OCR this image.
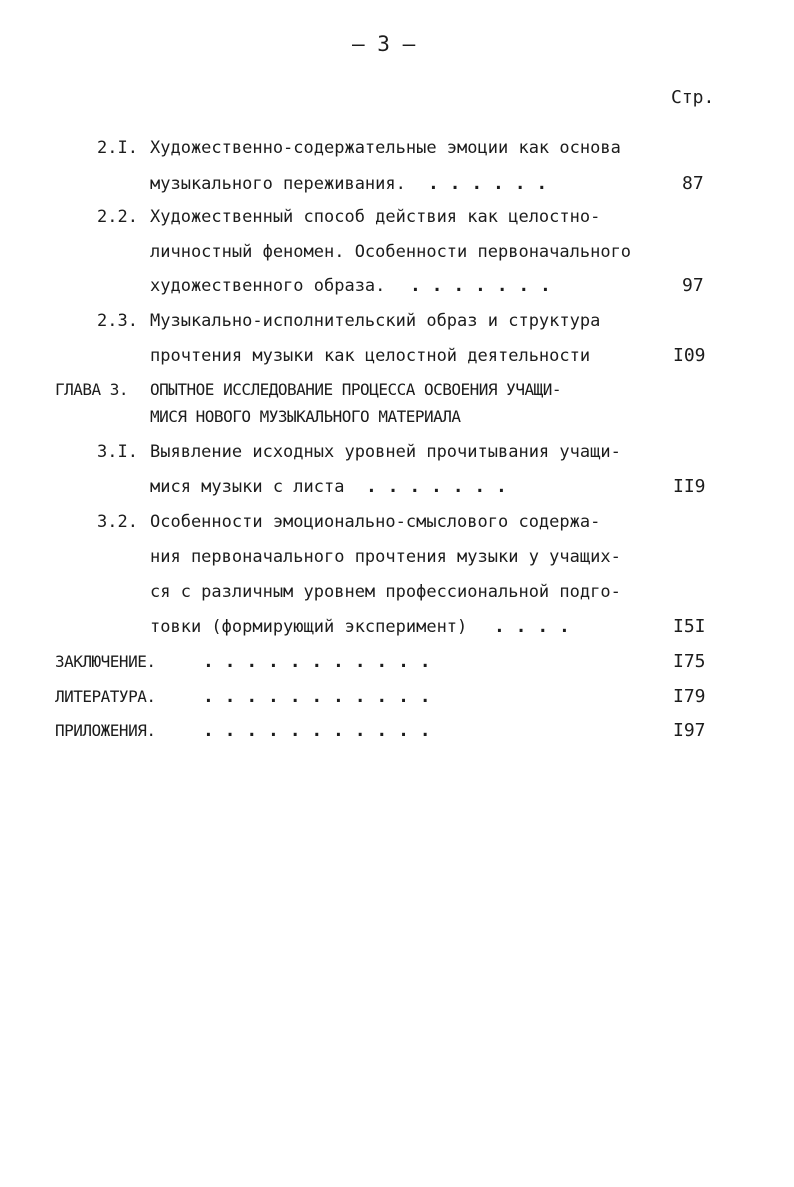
– 3 –
Стр.
2.I. Художественно-содержательные эмоции как основа
музыкального переживания. . . . . . .	87
2.2. Художественный способ действия как целостно-
личностный феномен. Особенности первоначального
художественного образа. . . . . . . .	97
2.3. Музыкально-исполнительский образ и структура
прочтения музыки как целостной деятельности	I09
ГЛАВА 3. ОПЫТНОЕ ИССЛЕДОВАНИЕ ПРОЦЕССА ОСВОЕНИЯ УЧАЩИ-
МИСЯ НОВОГО МУЗЫКАЛЬНОГО МАТЕРИАЛА
3.I. Выявление исходных уровней прочитывания учащи-
мися музыки с листа . . . . . . .	II9
3.2. Особенности эмоционально-смыслового содержа-
ния первоначального прочтения музыки у учащих-
ся с различным уровнем профессиональной подго-
товки (формирующий эксперимент) . . . .	I5I
ЗАКЛЮЧЕНИЕ.	. . . . . . . . . . .	I75
ЛИТЕРАТУРА.	. . . . . . . . . . .	I79
ПРИЛОЖЕНИЯ.	. . . . . . . . . . .	I97
